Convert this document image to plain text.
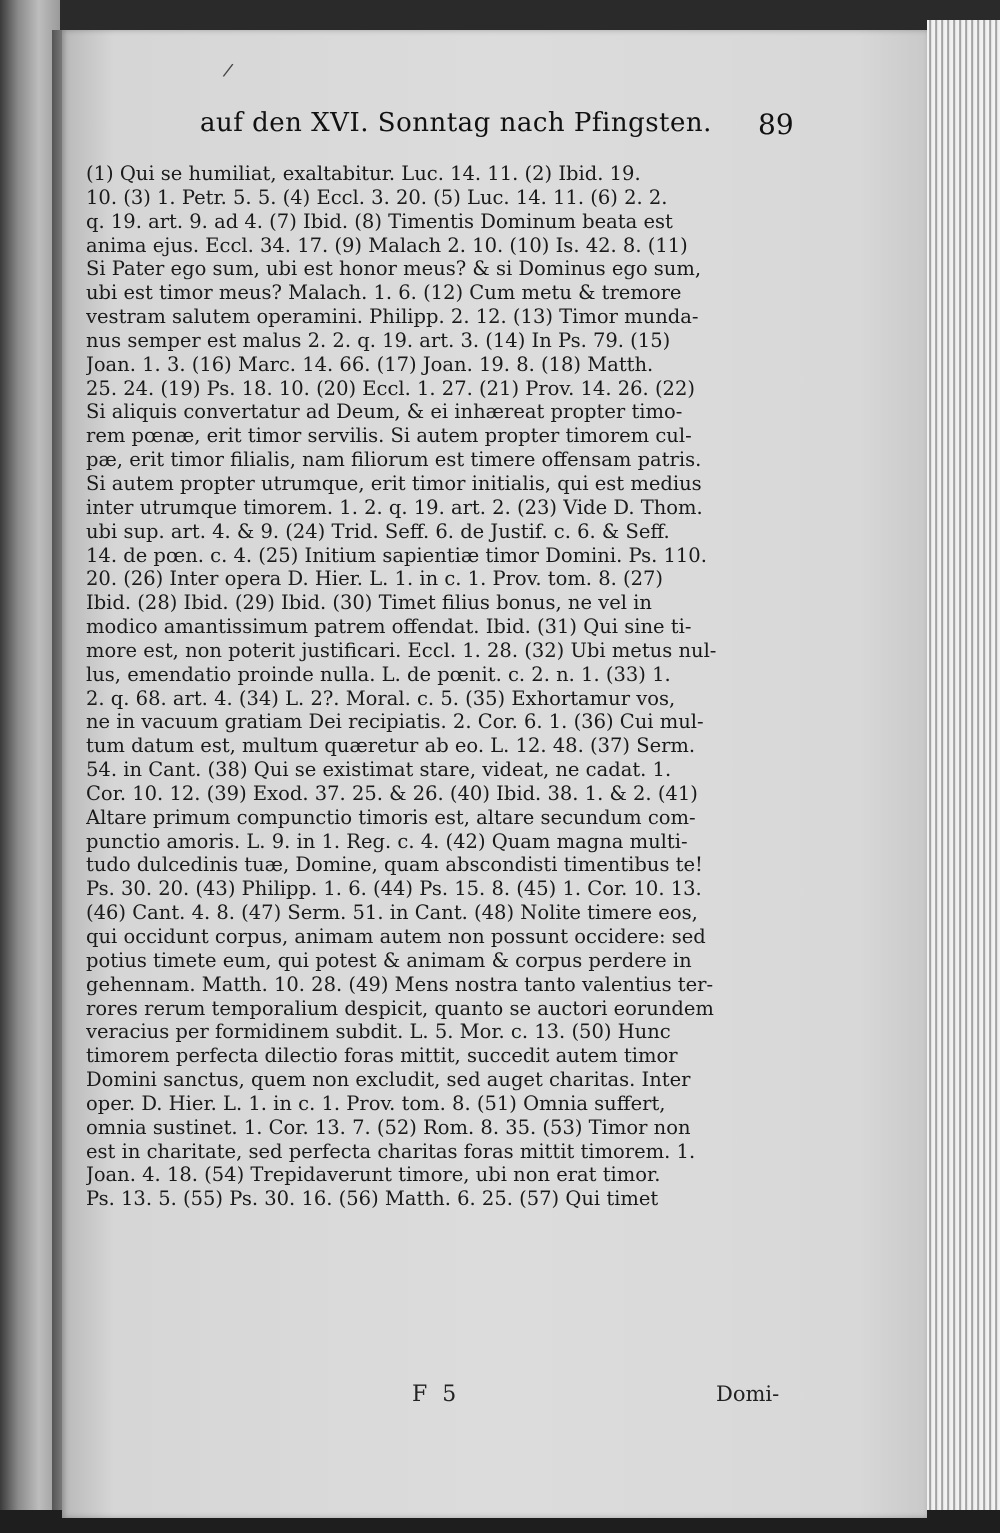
/
auf den XVI. Sonntag nach Pfingsten.	89
(1) Qui se humiliat, exaltabitur. Luc. 14. 11. (2) Ibid. 19.
10. (3) 1. Petr. 5. 5. (4) Eccl. 3. 20. (5) Luc. 14. 11. (6) 2. 2.
q. 19. art. 9. ad 4. (7) Ibid. (8) Timentis Dominum beata est
anima ejus. Eccl. 34. 17. (9) Malach 2. 10. (10) Is. 42. 8. (11)
Si Pater ego sum, ubi est honor meus? & si Dominus ego sum,
ubi est timor meus? Malach. 1. 6. (12) Cum metu & tremore
vestram salutem operamini. Philipp. 2. 12. (13) Timor munda-
nus semper est malus 2. 2. q. 19. art. 3. (14) In Ps. 79. (15)
Joan. 1. 3. (16) Marc. 14. 66. (17) Joan. 19. 8. (18) Matth.
25. 24. (19) Ps. 18. 10. (20) Eccl. 1. 27. (21) Prov. 14. 26. (22)
Si aliquis convertatur ad Deum, & ei inhæreat propter timo-
rem pœnæ, erit timor servilis. Si autem propter timorem cul-
pæ, erit timor filialis, nam filiorum est timere offensam patris.
Si autem propter utrumque, erit timor initialis, qui est medius
inter utrumque timorem. 1. 2. q. 19. art. 2. (23) Vide D. Thom.
ubi sup. art. 4. & 9. (24) Trid. Seff. 6. de Justif. c. 6. & Seff.
14. de pœn. c. 4. (25) Initium sapientiæ timor Domini. Ps. 110.
20. (26) Inter opera D. Hier. L. 1. in c. 1. Prov. tom. 8. (27)
Ibid. (28) Ibid. (29) Ibid. (30) Timet filius bonus, ne vel in
modico amantissimum patrem offendat. Ibid. (31) Qui sine ti-
more est, non poterit justificari. Eccl. 1. 28. (32) Ubi metus nul-
lus, emendatio proinde nulla. L. de pœnit. c. 2. n. 1. (33) 1.
2. q. 68. art. 4. (34) L. 2?. Moral. c. 5. (35) Exhortamur vos,
ne in vacuum gratiam Dei recipiatis. 2. Cor. 6. 1. (36) Cui mul-
tum datum est, multum quæretur ab eo. L. 12. 48. (37) Serm.
54. in Cant. (38) Qui se existimat stare, videat, ne cadat. 1.
Cor. 10. 12. (39) Exod. 37. 25. & 26. (40) Ibid. 38. 1. & 2. (41)
Altare primum compunctio timoris est, altare secundum com-
punctio amoris. L. 9. in 1. Reg. c. 4. (42) Quam magna multi-
tudo dulcedinis tuæ, Domine, quam abscondisti timentibus te!
Ps. 30. 20. (43) Philipp. 1. 6. (44) Ps. 15. 8. (45) 1. Cor. 10. 13.
(46) Cant. 4. 8. (47) Serm. 51. in Cant. (48) Nolite timere eos,
qui occidunt corpus, animam autem non possunt occidere: sed
potius timete eum, qui potest & animam & corpus perdere in
gehennam. Matth. 10. 28. (49) Mens nostra tanto valentius ter-
rores rerum temporalium despicit, quanto se auctori eorundem
veracius per formidinem subdit. L. 5. Mor. c. 13. (50) Hunc
timorem perfecta dilectio foras mittit, succedit autem timor
Domini sanctus, quem non excludit, sed auget charitas. Inter
oper. D. Hier. L. 1. in c. 1. Prov. tom. 8. (51) Omnia suffert,
omnia sustinet. 1. Cor. 13. 7. (52) Rom. 8. 35. (53) Timor non
est in charitate, sed perfecta charitas foras mittit timorem. 1.
Joan. 4. 18. (54) Trepidaverunt timore, ubi non erat timor.
Ps. 13. 5. (55) Ps. 30. 16. (56) Matth. 6. 25. (57) Qui timet
F 5	Domi-
